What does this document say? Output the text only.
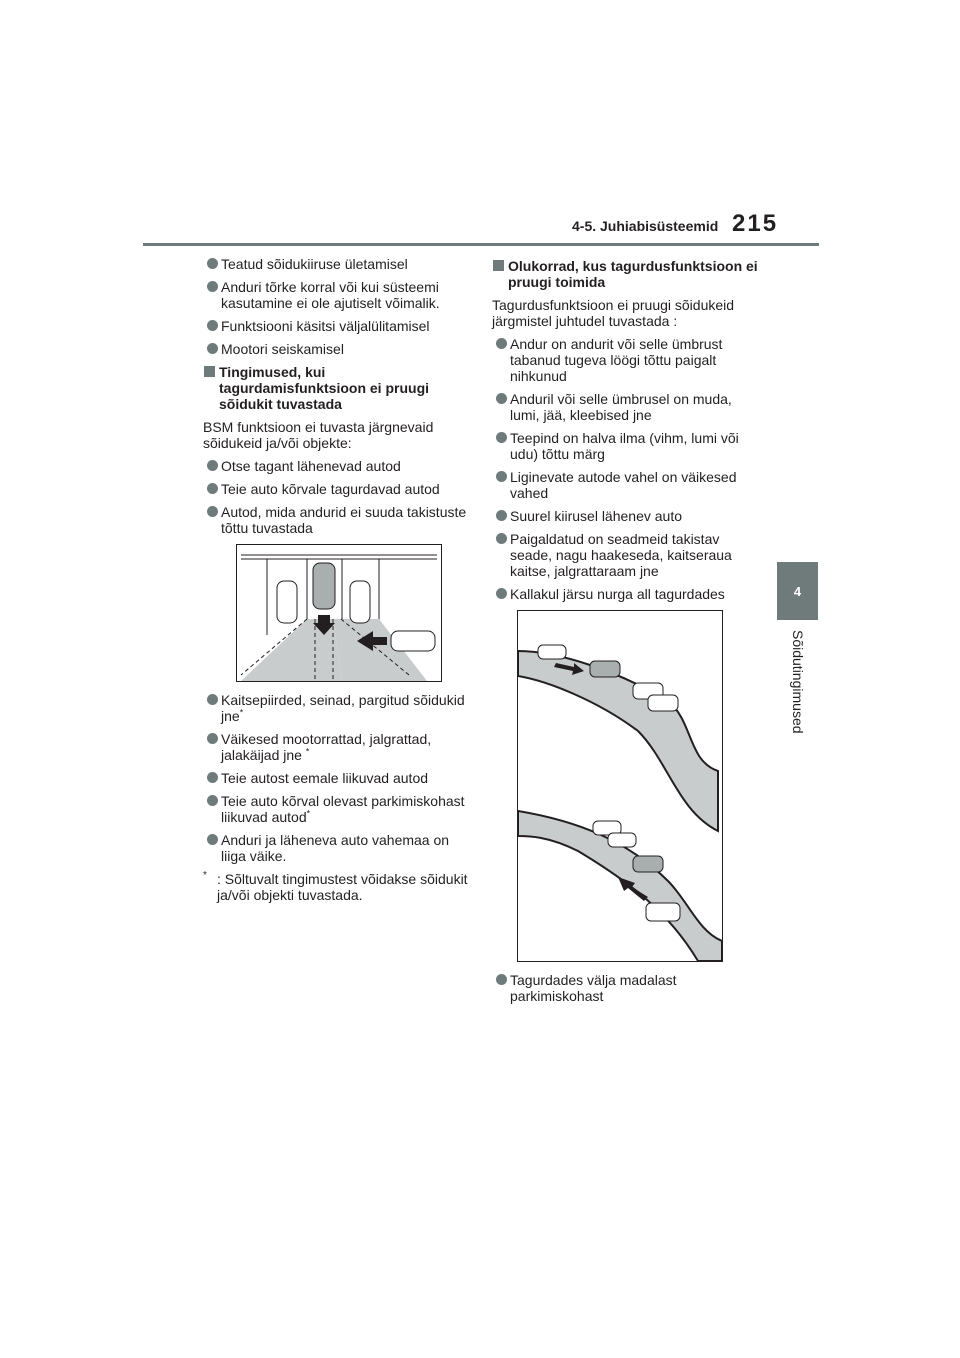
4-5. Juhiabisüsteemid 215
4
Sõidutingimused
Teatud sõidukiiruse ületamisel
Anduri tõrke korral või kui süsteemi kasutamine ei ole ajutiselt võimalik.
Funktsiooni käsitsi väljalülitamisel
Mootori seiskamisel
Tingimused, kui tagurdamisfunktsioon ei pruugi sõidukit tuvastada
BSM funktsioon ei tuvasta järgnevaid sõidukeid ja/või objekte:
Otse tagant lähenevad autod
Teie auto kõrvale tagurdavad autod
Autod, mida andurid ei suuda takistuste tõttu tuvastada
Kaitsepiirded, seinad, pargitud sõidukid jne*
Väikesed mootorrattad, jalgrattad, jalakäijad jne *
Teie autost eemale liikuvad autod
Teie auto kõrval olevast parkimiskohast liikuvad autod*
Anduri ja läheneva auto vahemaa on liiga väike.
* : Sõltuvalt tingimustest võidakse sõidukit ja/või objekti tuvastada.
Olukorrad, kus tagurdusfunktsioon ei pruugi toimida
Tagurdusfunktsioon ei pruugi sõidukeid järgmistel juhtudel tuvastada :
Andur on andurit või selle ümbrust tabanud tugeva löögi tõttu paigalt nihkunud
Anduril või selle ümbrusel on muda, lumi, jää, kleebised jne
Teepind on halva ilma (vihm, lumi või udu) tõttu märg
Liginevate autode vahel on väikesed vahed
Suurel kiirusel lähenev auto
Paigaldatud on seadmeid takistav seade, nagu haakeseda, kaitseraua kaitse, jalgrattaraam jne
Kallakul järsu nurga all tagurdades
Tagurdades välja madalast parkimiskohast
